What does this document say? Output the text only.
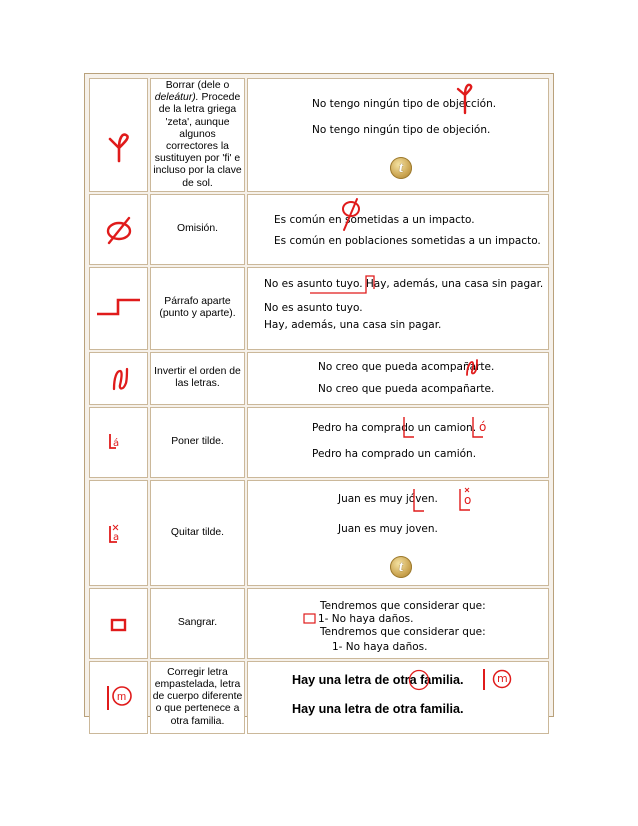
	Borrar (dele o deleátur). Procede de la letra griega 'zeta', aunque algunos correctores la sustituyen por 'fi' e incluso por la clave de sol.	No tengo ningún tipo de objección.
No tengo ningún tipo de objeción.
t

	Omisión.	Es común en sometidas a un impacto.
Es común en poblaciones sometidas a un impacto.

	Párrafo aparte (punto y aparte).	No es asunto tuyo. Hay, además, una casa sin pagar.
No es asunto tuyo.
Hay, además, una casa sin pagar.

	Invertir el orden de las letras.	No creo que pueda acompañarte.
No creo que pueda acompañarte.

á	Poner tilde.	Pedro ha comprado un camion. ó
Pedro ha comprado un camión.

a	Quitar tilde.	Juan es muy jóven. o
Juan es muy joven.
t

	Sangrar.	Tendremos que considerar que:
1- No haya daños.
Tendremos que considerar que:
1- No haya daños.

m	Corregir letra empastelada, letra de cuerpo diferente o que pertenece a otra familia.	Hay una letra de otra familia. m
Hay una letra de otra familia.
